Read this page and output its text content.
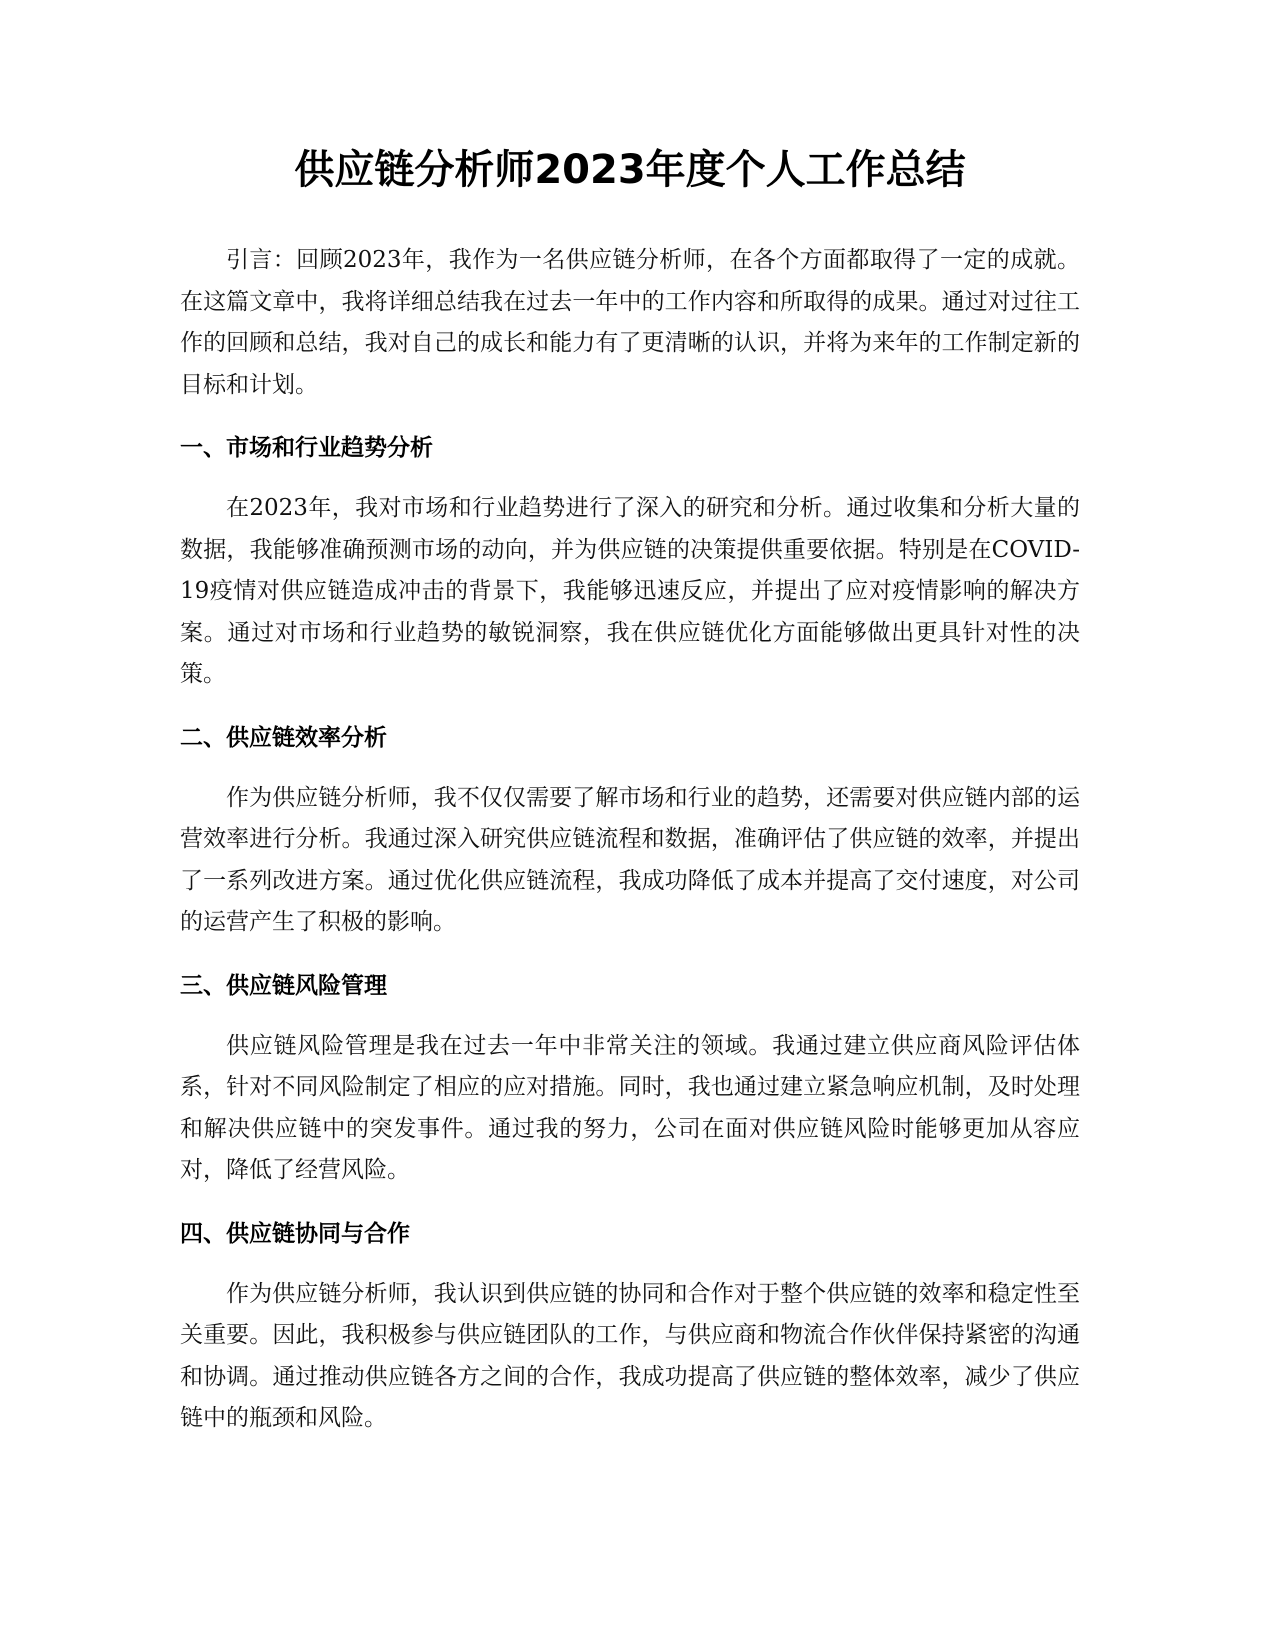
供应链分析师2023年度个人工作总结

引言：回顾2023年，我作为一名供应链分析师，在各个方面都取得了一定的成就。在这篇文章中，我将详细总结我在过去一年中的工作内容和所取得的成果。通过对过往工作的回顾和总结，我对自己的成长和能力有了更清晰的认识，并将为来年的工作制定新的目标和计划。

一、市场和行业趋势分析

在2023年，我对市场和行业趋势进行了深入的研究和分析。通过收集和分析大量的数据，我能够准确预测市场的动向，并为供应链的决策提供重要依据。特别是在COVID-19疫情对供应链造成冲击的背景下，我能够迅速反应，并提出了应对疫情影响的解决方案。通过对市场和行业趋势的敏锐洞察，我在供应链优化方面能够做出更具针对性的决策。

二、供应链效率分析

作为供应链分析师，我不仅仅需要了解市场和行业的趋势，还需要对供应链内部的运营效率进行分析。我通过深入研究供应链流程和数据，准确评估了供应链的效率，并提出了一系列改进方案。通过优化供应链流程，我成功降低了成本并提高了交付速度，对公司的运营产生了积极的影响。

三、供应链风险管理

供应链风险管理是我在过去一年中非常关注的领域。我通过建立供应商风险评估体系，针对不同风险制定了相应的应对措施。同时，我也通过建立紧急响应机制，及时处理和解决供应链中的突发事件。通过我的努力，公司在面对供应链风险时能够更加从容应对，降低了经营风险。

四、供应链协同与合作

作为供应链分析师，我认识到供应链的协同和合作对于整个供应链的效率和稳定性至关重要。因此，我积极参与供应链团队的工作，与供应商和物流合作伙伴保持紧密的沟通和协调。通过推动供应链各方之间的合作，我成功提高了供应链的整体效率，减少了供应链中的瓶颈和风险。
